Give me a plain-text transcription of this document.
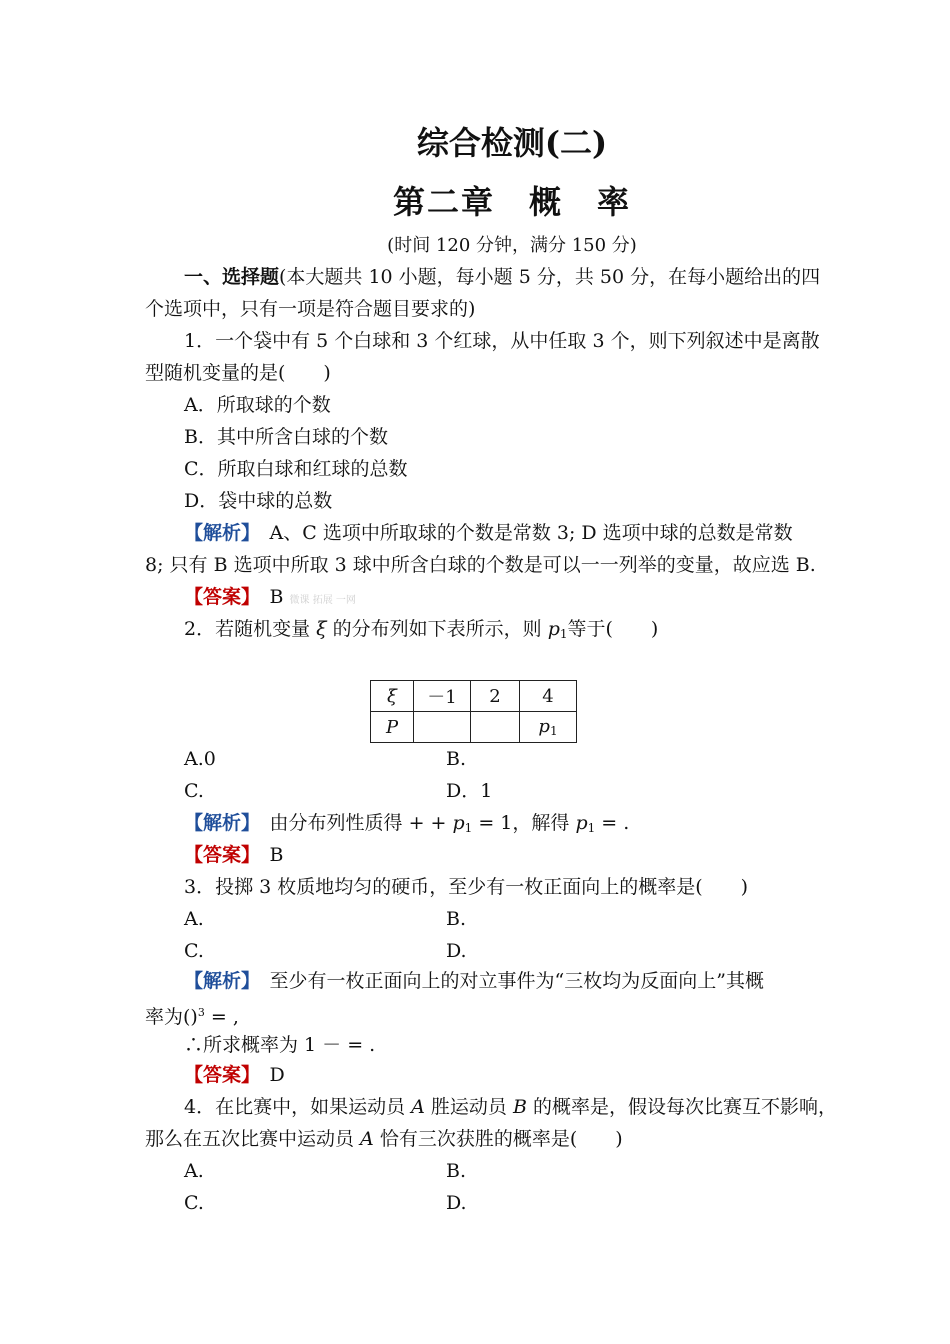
综合检测(二)
第二章　概　率
(时间 120 分钟，满分 150 分)
一、选择题(本大题共 10 小题，每小题 5 分，共 50 分，在每小题给出的四
个选项中，只有一项是符合题目要求的)
1．一个袋中有 5 个白球和 3 个红球，从中任取 3 个，则下列叙述中是离散
型随机变量的是(　　)
A．所取球的个数
B．其中所含白球的个数
C．所取白球和红球的总数
D．袋中球的总数
【解析】　 A、C 选项中所取球的个数是常数 3; D 选项中球的总数是常数
8; 只有 B 选项中所取 3 球中所含白球的个数是可以一一列举的变量，故应选 B.
【答案】　 B 微课 拓展 一网
2．若随机变量 ξ 的分布列如下表所示，则 $p_1$等于(　　)
ξ	－1	2	4
P			$p_1$
A.0	B.
C.	D．1
【解析】　 由分布列性质得 + + $p_1 = 1$，解得 $p_1$ = .
【答案】　 B
3．投掷 3 枚质地均匀的硬币，至少有一枚正面向上的概率是(　　)
A.	B.
C.	D.
【解析】　 至少有一枚正面向上的对立事件为“三枚均为反面向上”其概
率为()$^3$ = ,
∴所求概率为 1 － = .
【答案】　 D
4．在比赛中，如果运动员 A 胜运动员 B 的概率是，假设每次比赛互不影响，
那么在五次比赛中运动员 A 恰有三次获胜的概率是(　　)
A.	B.
C.	D.
